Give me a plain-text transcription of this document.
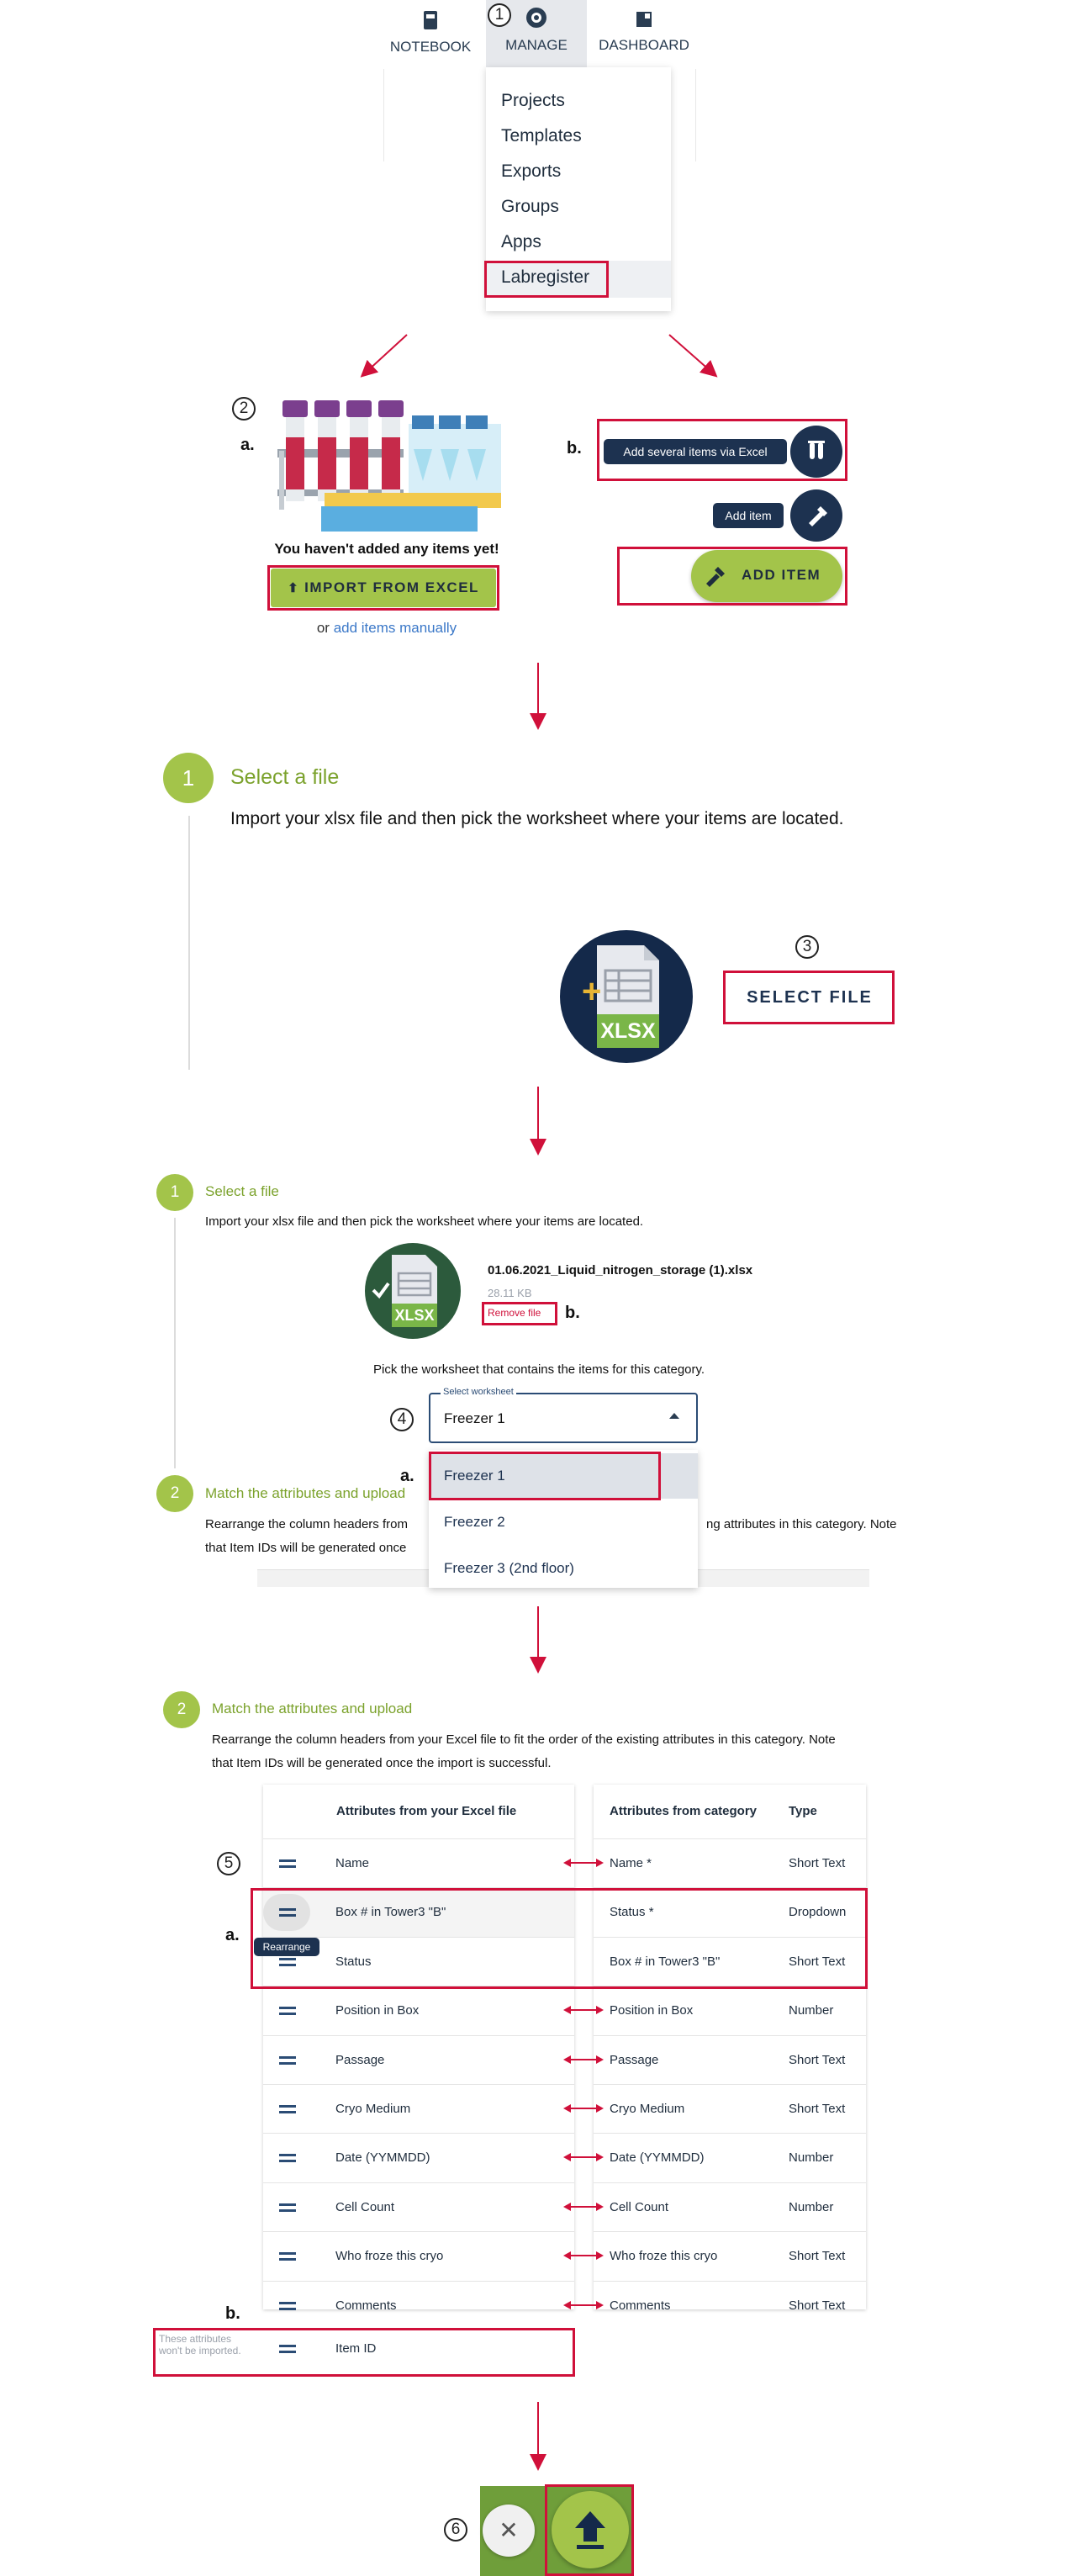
NOTEBOOK	MANAGE	DASHBOARD
1
Projects
Templates
Exports
Groups
Apps
Labregister
2
a.
You haven't added any items yet!
⬆ IMPORT FROM EXCEL
or add items manually
b.	Add several items via Excel
Add item
ADD ITEM
1	Select a file
Import your xlsx file and then pick the worksheet where your items are located.
+
XLSX
3
SELECT FILE
1	Select a file
Import your xlsx file and then pick the worksheet where your items are located.
XLSX
01.06.2021_Liquid_nitrogen_storage (1).xlsx
28.11 KB
Remove file b.
Pick the worksheet that contains the items for this category.
4
Select worksheet
Freezer 1
2	Match the attributes and upload
Rearrange the column headers from	ng attributes in this category. Note
that Item IDs will be generated once
Freezer 1
Freezer 2
Freezer 3 (2nd floor)
a.
2	Match the attributes and upload
Rearrange the column headers from your Excel file to fit the order of the existing attributes in this category. Note
that Item IDs will be generated once the import is successful.
Attributes from your Excel file	Attributes from category	Type
Name	Name *	Short Text
Box # in Tower3 "B"	Status *	Dropdown
Status	Box # in Tower3 "B"	Short Text
Position in Box	Position in Box	Number
Passage	Passage	Short Text
Cryo Medium	Cryo Medium	Short Text
Date (YYMMDD)	Date (YYMMDD)	Number
Cell Count	Cell Count	Number
Who froze this cryo	Who froze this cryo	Short Text
Comments	Comments	Short Text
5
a.
Rearrange
Item ID
These attributes won't be imported.
b.
6	✕
